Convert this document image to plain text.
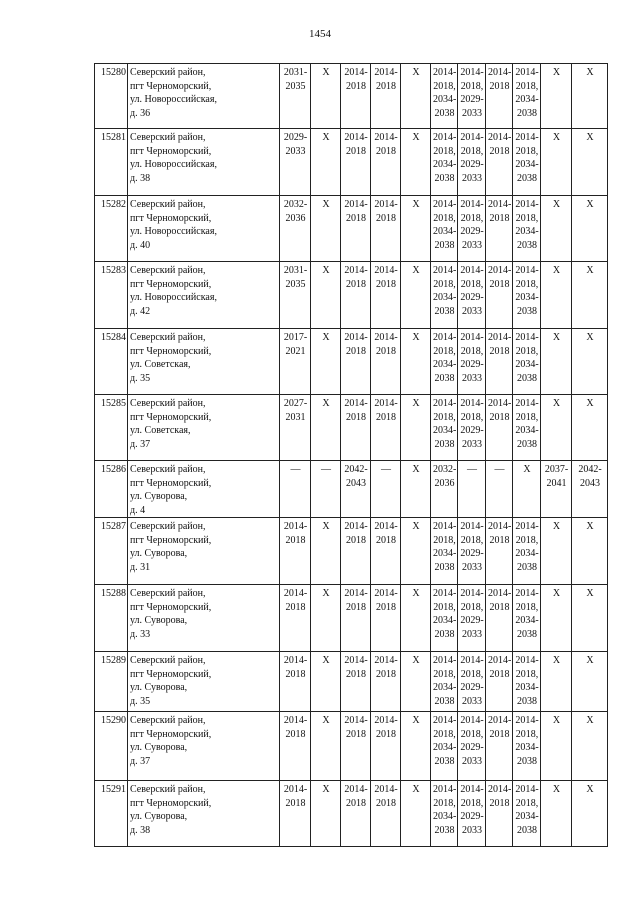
1454
15280	Северский район,
пгт Черноморский,
ул. Новороссийская,
д. 36	2031-
2035	Х	2014-
2018	2014-
2018	Х	2014-
2018,
2034-
2038	2014-
2018,
2029-
2033	2014-
2018	2014-
2018,
2034-
2038	Х	Х

15281	Северский район,
пгт Черноморский,
ул. Новороссийская,
д. 38	2029-
2033	Х	2014-
2018	2014-
2018	Х	2014-
2018,
2034-
2038	2014-
2018,
2029-
2033	2014-
2018	2014-
2018,
2034-
2038	Х	Х

15282	Северский район,
пгт Черноморский,
ул. Новороссийская,
д. 40	2032-
2036	Х	2014-
2018	2014-
2018	Х	2014-
2018,
2034-
2038	2014-
2018,
2029-
2033	2014-
2018	2014-
2018,
2034-
2038	Х	Х

15283	Северский район,
пгт Черноморский,
ул. Новороссийская,
д. 42	2031-
2035	Х	2014-
2018	2014-
2018	Х	2014-
2018,
2034-
2038	2014-
2018,
2029-
2033	2014-
2018	2014-
2018,
2034-
2038	Х	Х

15284	Северский район,
пгт Черноморский,
ул. Советская,
д. 35	2017-
2021	Х	2014-
2018	2014-
2018	Х	2014-
2018,
2034-
2038	2014-
2018,
2029-
2033	2014-
2018	2014-
2018,
2034-
2038	Х	Х

15285	Северский район,
пгт Черноморский,
ул. Советская,
д. 37	2027-
2031	Х	2014-
2018	2014-
2018	Х	2014-
2018,
2034-
2038	2014-
2018,
2029-
2033	2014-
2018	2014-
2018,
2034-
2038	Х	Х

15286	Северский район,
пгт Черноморский,
ул. Суворова,
д. 4	—	—	2042-
2043	—	Х	2032-
2036	—	—	Х	2037-
2041	2042-
2043

15287	Северский район,
пгт Черноморский,
ул. Суворова,
д. 31	2014-
2018	Х	2014-
2018	2014-
2018	Х	2014-
2018,
2034-
2038	2014-
2018,
2029-
2033	2014-
2018	2014-
2018,
2034-
2038	Х	Х

15288	Северский район,
пгт Черноморский,
ул. Суворова,
д. 33	2014-
2018	Х	2014-
2018	2014-
2018	Х	2014-
2018,
2034-
2038	2014-
2018,
2029-
2033	2014-
2018	2014-
2018,
2034-
2038	Х	Х

15289	Северский район,
пгт Черноморский,
ул. Суворова,
д. 35	2014-
2018	Х	2014-
2018	2014-
2018	Х	2014-
2018,
2034-
2038	2014-
2018,
2029-
2033	2014-
2018	2014-
2018,
2034-
2038	Х	Х

15290	Северский район,
пгт Черноморский,
ул. Суворова,
д. 37	2014-
2018	Х	2014-
2018	2014-
2018	Х	2014-
2018,
2034-
2038	2014-
2018,
2029-
2033	2014-
2018	2014-
2018,
2034-
2038	Х	Х

15291	Северский район,
пгт Черноморский,
ул. Суворова,
д. 38	2014-
2018	Х	2014-
2018	2014-
2018	Х	2014-
2018,
2034-
2038	2014-
2018,
2029-
2033	2014-
2018	2014-
2018,
2034-
2038	Х	Х
